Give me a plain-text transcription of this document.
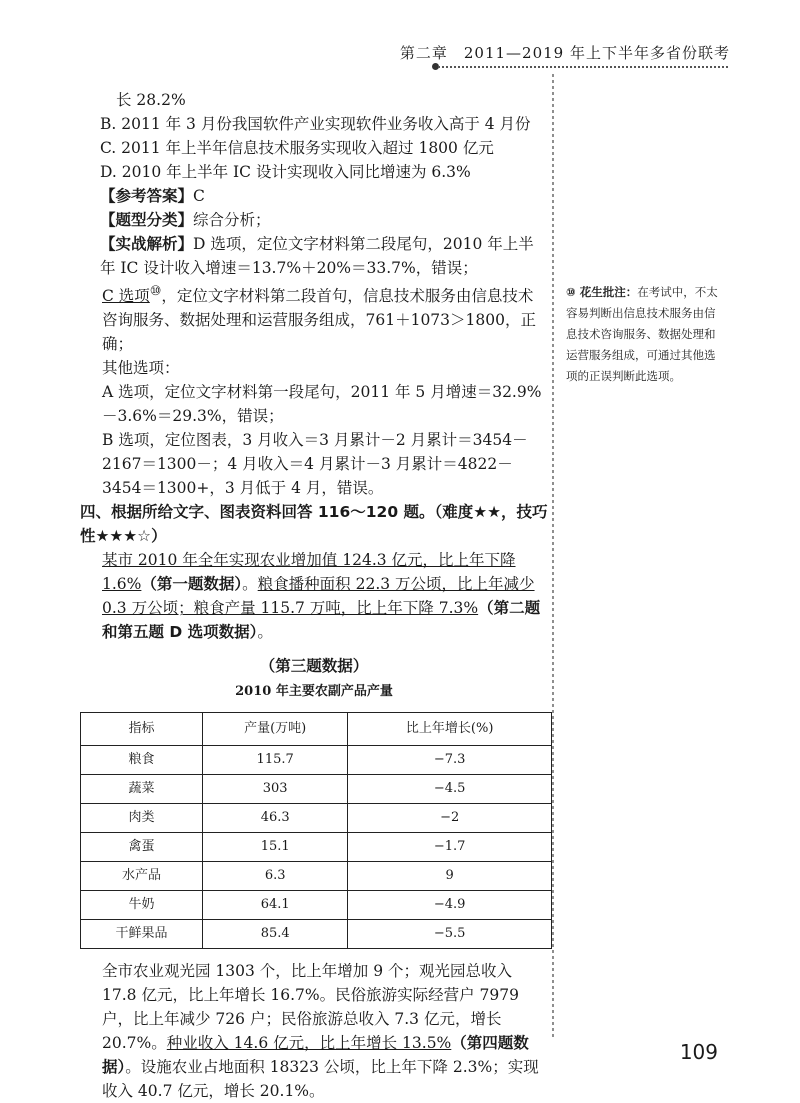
第二章　2011—2019 年上下半年多省份联考

长 28.2%

B. 2011 年 3 月份我国软件产业实现软件业务收入高于 4 月份

C. 2011 年上半年信息技术服务实现收入超过 1800 亿元

D. 2010 年上半年 IC 设计实现收入同比增速为 6.3%

【参考答案】C

【题型分类】综合分析；

【实战解析】D 选项，定位文字材料第二段尾句，2010 年上半年 IC 设计收入增速＝13.7%＋20%＝33.7%，错误；

C 选项⑩，定位文字材料第二段首句，信息技术服务由信息技术咨询服务、数据处理和运营服务组成，761＋1073＞1800，正确；

其他选项：

A 选项，定位文字材料第一段尾句，2011 年 5 月增速＝32.9%－3.6%＝29.3%，错误；

B 选项，定位图表，3 月收入＝3 月累计－2 月累计＝3454－2167＝1300－；4 月收入＝4 月累计－3 月累计＝4822－3454＝1300+，3 月低于 4 月，错误。

四、根据所给文字、图表资料回答 116～120 题。（难度★★，技巧性★★★☆）

某市 2010 年全年实现农业增加值 124.3 亿元，比上年下降 1.6%（第一题数据）。粮食播种面积 22.3 万公顷，比上年减少 0.3 万公顷；粮食产量 115.7 万吨，比上年下降 7.3%（第二题和第五题 D 选项数据）。

（第三题数据）
2010 年主要农副产品产量
指标	产量(万吨)	比上年增长(%)
粮食	115.7	−7.3
蔬菜	303	−4.5
肉类	46.3	−2
禽蛋	15.1	−1.7
水产品	6.3	9
牛奶	64.1	−4.9
干鲜果品	85.4	−5.5

全市农业观光园 1303 个，比上年增加 9 个；观光园总收入 17.8 亿元，比上年增长 16.7%。民俗旅游实际经营户 7979 户，比上年减少 726 户；民俗旅游总收入 7.3 亿元，增长 20.7%。种业收入 14.6 亿元，比上年增长 13.5%（第四题数据）。设施农业占地面积 18323 公顷，比上年下降 2.3%；实现收入 40.7 亿元，增长 20.1%。

⑩ 花生批注：在考试中，不太容易判断出信息技术服务由信息技术咨询服务、数据处理和运营服务组成，可通过其他选项的正误判断此选项。
109
